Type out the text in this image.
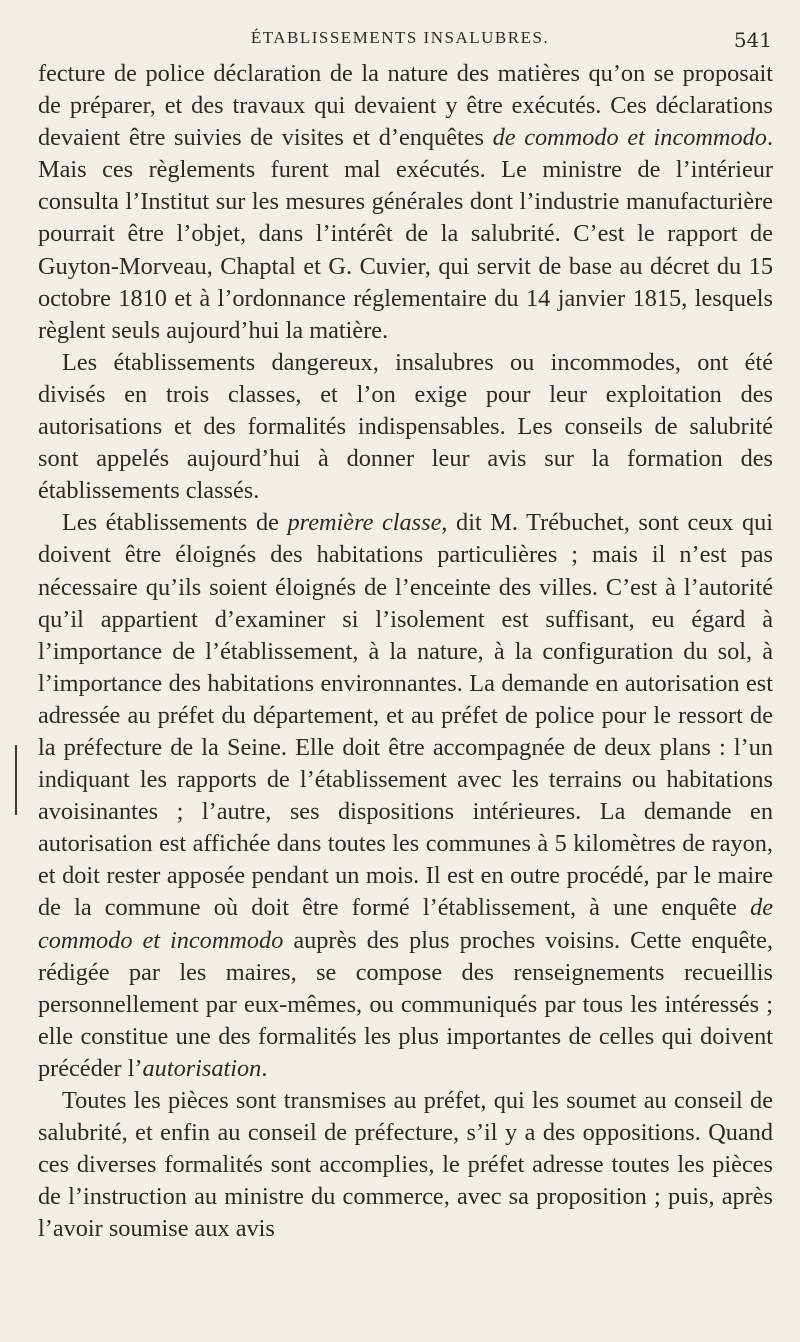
ÉTABLISSEMENTS INSALUBRES.	541

fecture de police déclaration de la nature des matières qu’on se proposait de préparer, et des travaux qui devaient y être exécutés. Ces déclarations devaient être suivies de visites et d’enquêtes de commodo et incommodo. Mais ces règlements furent mal exécutés. Le ministre de l’intérieur consulta l’Institut sur les mesures générales dont l’industrie manufacturière pourrait être l’objet, dans l’intérêt de la salubrité. C’est le rapport de Guyton-Morveau, Chaptal et G. Cuvier, qui servit de base au décret du 15 octobre 1810 et à l’ordonnance réglementaire du 14 janvier 1815, lesquels règlent seuls aujourd’hui la matière.

Les établissements dangereux, insalubres ou incommodes, ont été divisés en trois classes, et l’on exige pour leur exploitation des autorisations et des formalités indispensables. Les conseils de salubrité sont appelés aujourd’hui à donner leur avis sur la formation des établissements classés.

Les établissements de première classe, dit M. Trébuchet, sont ceux qui doivent être éloignés des habitations particulières ; mais il n’est pas nécessaire qu’ils soient éloignés de l’enceinte des villes. C’est à l’autorité qu’il appartient d’examiner si l’isolement est suffisant, eu égard à l’importance de l’établissement, à la nature, à la configuration du sol, à l’importance des habitations environnantes. La demande en autorisation est adressée au préfet du département, et au préfet de police pour le ressort de la préfecture de la Seine. Elle doit être accompagnée de deux plans : l’un indiquant les rapports de l’établissement avec les terrains ou habitations avoisinantes ; l’autre, ses dispositions intérieures. La demande en autorisation est affichée dans toutes les communes à 5 kilomètres de rayon, et doit rester apposée pendant un mois. Il est en outre procédé, par le maire de la commune où doit être formé l’établissement, à une enquête de commodo et incommodo auprès des plus proches voisins. Cette enquête, rédigée par les maires, se compose des renseignements recueillis personnellement par eux-mêmes, ou communiqués par tous les intéressés ; elle constitue une des formalités les plus importantes de celles qui doivent précéder l’autorisation.

Toutes les pièces sont transmises au préfet, qui les soumet au conseil de salubrité, et enfin au conseil de préfecture, s’il y a des oppositions. Quand ces diverses formalités sont accomplies, le préfet adresse toutes les pièces de l’instruction au ministre du commerce, avec sa proposition ; puis, après l’avoir soumise aux avis
